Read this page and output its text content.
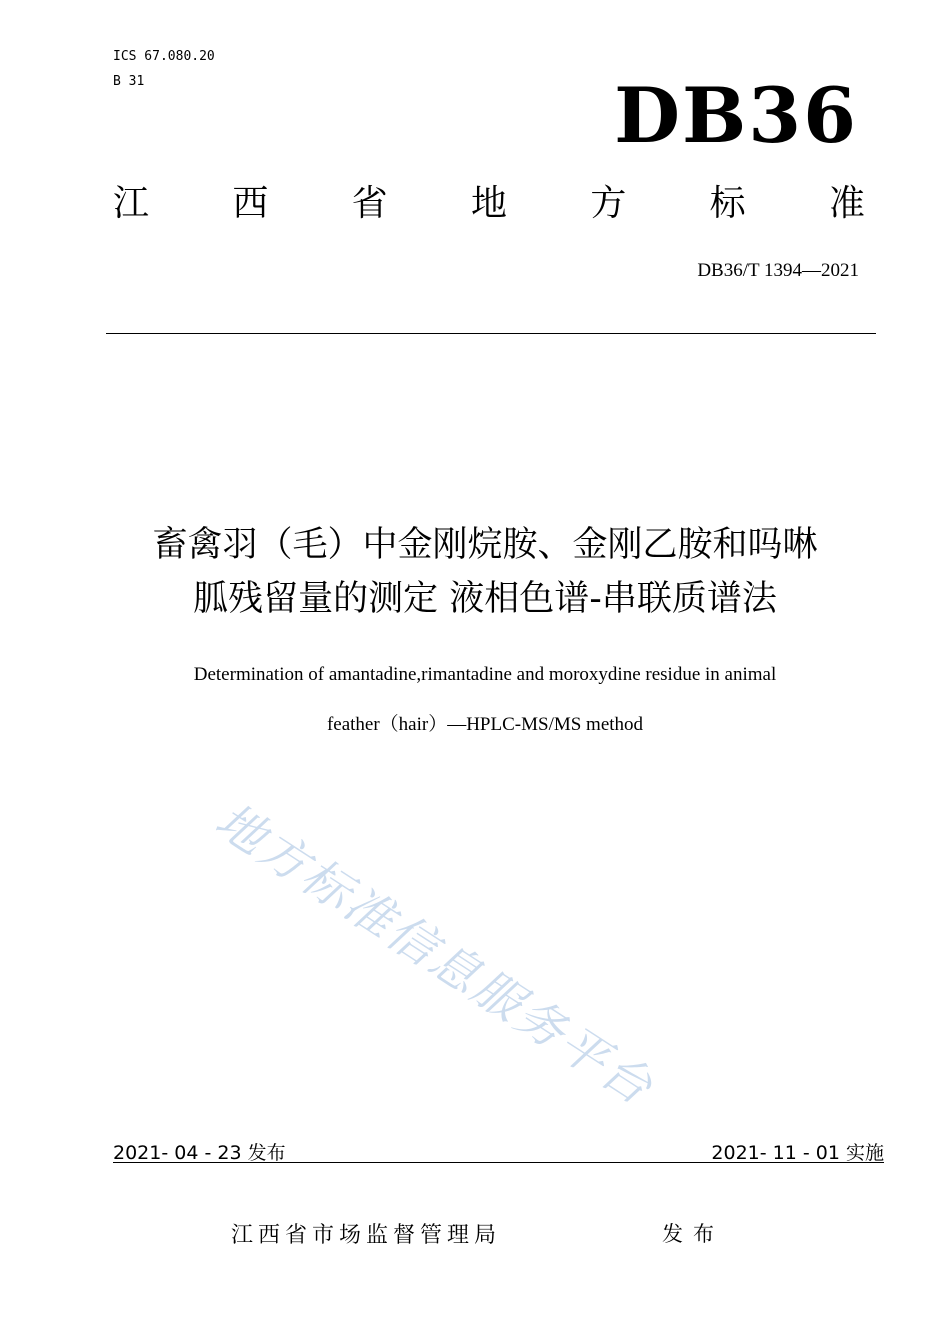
ICS 67.080.20
B 31	DB36
江 西 省 地 方 标 准
DB36/T 1394—2021
畜禽羽（毛）中金刚烷胺、金刚乙胺和吗啉
胍残留量的测定 液相色谱-串联质谱法
Determination of amantadine,rimantadine and moroxydine residue in animal
feather（hair）—HPLC-MS/MS method
地方标准信息服务平台
2021- 04 - 23 发布	2021- 11 - 01 实施
江西省市场监督管理局	发布
